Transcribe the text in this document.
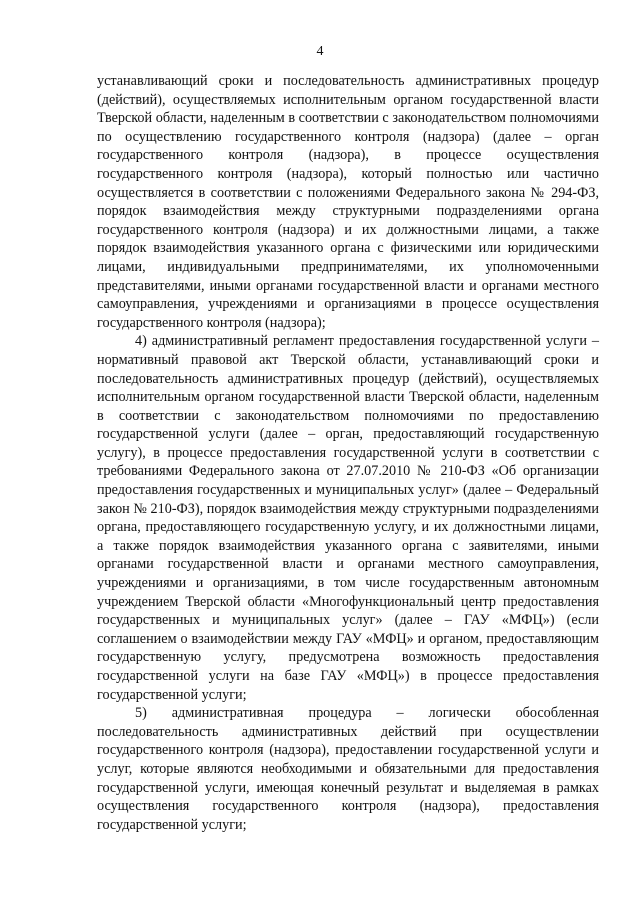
4

устанавливающий сроки и последовательность административных процедур (действий), осуществляемых исполнительным органом государственной власти Тверской области, наделенным в соответствии с законодательством полномочиями по осуществлению государственного контроля (надзора) (далее – орган государственного контроля (надзора), в процессе осуществления государственного контроля (надзора), который полностью или частично осуществляется в соответствии с положениями Федерального закона № 294-ФЗ, порядок взаимодействия между структурными подразделениями органа государственного контроля (надзора) и их должностными лицами, а также порядок взаимодействия указанного органа с физическими или юридическими лицами, индивидуальными предпринимателями, их уполномоченными представителями, иными органами государственной власти и органами местного самоуправления, учреждениями и организациями в процессе осуществления государственного контроля (надзора);

4) административный регламент предоставления государственной услуги – нормативный правовой акт Тверской области, устанавливающий сроки и последовательность административных процедур (действий), осуществляемых исполнительным органом государственной власти Тверской области, наделенным в соответствии с законодательством полномочиями по предоставлению государственной услуги (далее – орган, предоставляющий государственную услугу), в процессе предоставления государственной услуги в соответствии с требованиями Федерального закона от 27.07.2010 № 210-ФЗ «Об организации предоставления государственных и муниципальных услуг» (далее – Федеральный закон № 210-ФЗ), порядок взаимодействия между структурными подразделениями органа, предоставляющего государственную услугу, и их должностными лицами, а также порядок взаимодействия указанного органа с заявителями, иными органами государственной власти и органами местного самоуправления, учреждениями и организациями, в том числе государственным автономным учреждением Тверской области «Многофункциональный центр предоставления государственных и муниципальных услуг» (далее – ГАУ «МФЦ») (если соглашением о взаимодействии между ГАУ «МФЦ» и органом, предоставляющим государственную услугу, предусмотрена возможность предоставления государственной услуги на базе ГАУ «МФЦ») в процессе предоставления государственной услуги;

5) административная процедура – логически обособленная последовательность административных действий при осуществлении государственного контроля (надзора), предоставлении государственной услуги и услуг, которые являются необходимыми и обязательными для предоставления государственной услуги, имеющая конечный результат и выделяемая в рамках осуществления государственного контроля (надзора), предоставления государственной услуги;
